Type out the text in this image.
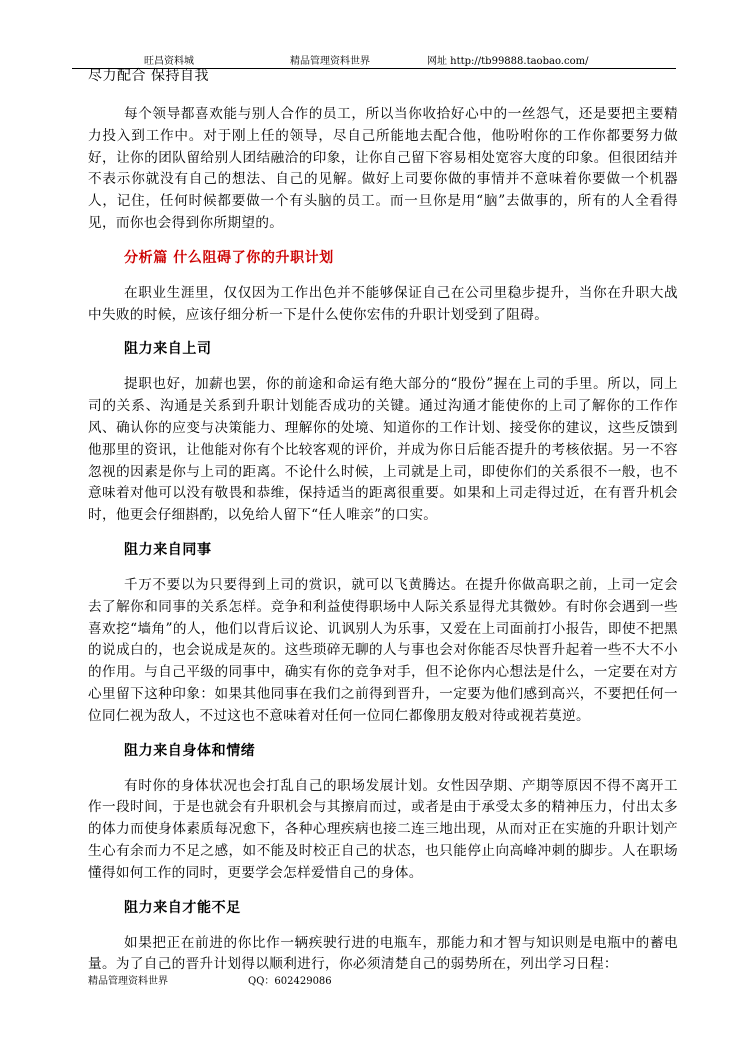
旺昌资料城	精品管理资料世界	网址 http://tb99888.taobao.com/

尽力配合 保持自我

每个领导都喜欢能与别人合作的员工，所以当你收拾好心中的一丝怨气，还是要把主要精力投入到工作中。对于刚上任的领导，尽自己所能地去配合他，他吩咐你的工作你都要努力做好，让你的团队留给别人团结融洽的印象，让你自己留下容易相处宽容大度的印象。但很团结并不表示你就没有自己的想法、自己的见解。做好上司要你做的事情并不意味着你要做一个机器人，记住，任何时候都要做一个有头脑的员工。而一旦你是用“脑”去做事的，所有的人全看得见，而你也会得到你所期望的。

分析篇 什么阻碍了你的升职计划

在职业生涯里，仅仅因为工作出色并不能够保证自己在公司里稳步提升，当你在升职大战中失败的时候，应该仔细分析一下是什么使你宏伟的升职计划受到了阻碍。

阻力来自上司

提职也好，加薪也罢，你的前途和命运有绝大部分的“股份”握在上司的手里。所以，同上司的关系、沟通是关系到升职计划能否成功的关键。通过沟通才能使你的上司了解你的工作作风、确认你的应变与决策能力、理解你的处境、知道你的工作计划、接受你的建议，这些反馈到他那里的资讯，让他能对你有个比较客观的评价，并成为你日后能否提升的考核依据。另一不容忽视的因素是你与上司的距离。不论什么时候，上司就是上司，即使你们的关系很不一般，也不意味着对他可以没有敬畏和恭维，保持适当的距离很重要。如果和上司走得过近，在有晋升机会时，他更会仔细斟酌，以免给人留下“任人唯亲”的口实。

阻力来自同事

千万不要以为只要得到上司的赏识，就可以飞黄腾达。在提升你做高职之前，上司一定会去了解你和同事的关系怎样。竞争和利益使得职场中人际关系显得尤其微妙。有时你会遇到一些喜欢挖“墙角”的人，他们以背后议论、讥讽别人为乐事，又爱在上司面前打小报告，即使不把黑的说成白的，也会说成是灰的。这些琐碎无聊的人与事也会对你能否尽快晋升起着一些不大不小的作用。与自己平级的同事中，确实有你的竞争对手，但不论你内心想法是什么，一定要在对方心里留下这种印象：如果其他同事在我们之前得到晋升，一定要为他们感到高兴，不要把任何一位同仁视为敌人，不过这也不意味着对任何一位同仁都像朋友般对待或视若莫逆。

阻力来自身体和情绪

有时你的身体状况也会打乱自己的职场发展计划。女性因孕期、产期等原因不得不离开工作一段时间，于是也就会有升职机会与其擦肩而过，或者是由于承受太多的精神压力，付出太多的体力而使身体素质每况愈下，各种心理疾病也接二连三地出现，从而对正在实施的升职计划产生心有余而力不足之感，如不能及时校正自己的状态，也只能停止向高峰冲刺的脚步。人在职场懂得如何工作的同时，更要学会怎样爱惜自己的身体。

阻力来自才能不足

如果把正在前进的你比作一辆疾驶行进的电瓶车，那能力和才智与知识则是电瓶中的蓄电量。为了自己的晋升计划得以顺利进行，你必须清楚自己的弱势所在，列出学习日程：

精品管理资料世界	QQ：602429086
